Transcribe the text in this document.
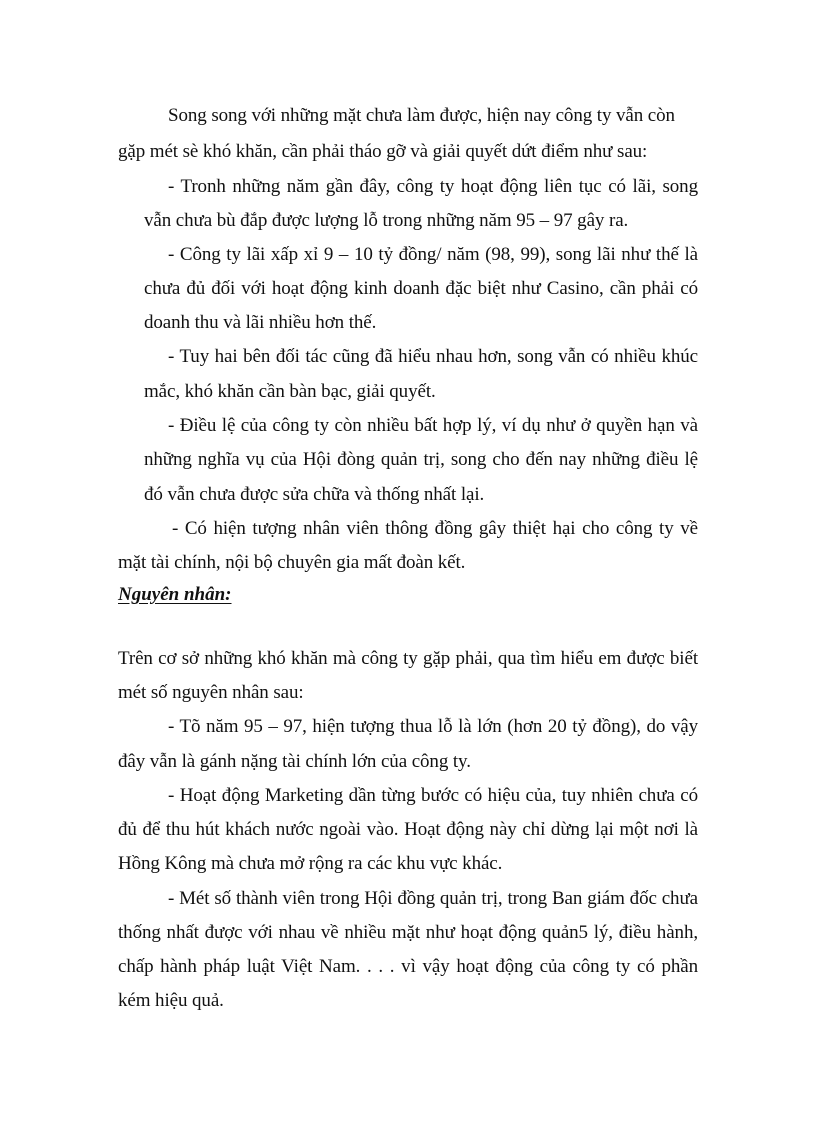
Song song với những mặt chưa làm được, hiện nay công ty vẫn còn
gặp mét sè khó khăn, cần phải tháo gỡ và giải quyết dứt điểm như sau:
- Tronh những năm gần đây, công ty hoạt động liên tục có lãi, song
vẫn chưa bù đắp được lượng lỗ trong những năm 95 – 97 gây ra.
- Công ty lãi xấp xỉ 9 – 10 tỷ đồng/ năm (98, 99), song lãi như thế là
chưa đủ đối với hoạt động kinh doanh đặc biệt như Casino, cần phải có
doanh thu và lãi nhiều hơn thế.
- Tuy hai bên đối tác cũng đã hiểu nhau hơn, song vẫn có nhiều khúc
mắc, khó khăn cần bàn bạc, giải quyết.
- Điều lệ của công ty còn nhiều bất hợp lý, ví dụ như ở quyền hạn và
những nghĩa vụ của Hội đòng quản trị, song cho đến nay những điều lệ
đó vẫn chưa được sửa chữa và thống nhất lại.
- Có hiện tượng nhân viên thông đồng gây thiệt hại cho công ty về
mặt tài chính, nội bộ chuyên gia mất đoàn kết.
Nguyên nhân:
Trên cơ sở những khó khăn mà công ty gặp phải, qua tìm hiểu em được biết
mét số nguyên nhân sau:
- Tõ năm 95 – 97, hiện tượng thua lỗ là lớn (hơn 20 tỷ đồng), do vậy
đây vẫn là gánh nặng tài chính lớn của công ty.
- Hoạt động Marketing dần từng bước có hiệu của, tuy nhiên chưa có
đủ để thu hút khách nước ngoài vào. Hoạt động này chỉ dừng lại một nơi là
Hồng Kông mà chưa mở rộng ra các khu vực khác.
- Mét số thành viên trong Hội đồng quản trị, trong Ban giám đốc chưa
thống nhất được với nhau về nhiều mặt như hoạt động quản5 lý, điều hành,
chấp hành pháp luật Việt Nam. . . . vì vậy hoạt động của công ty có phần
kém hiệu quả.
